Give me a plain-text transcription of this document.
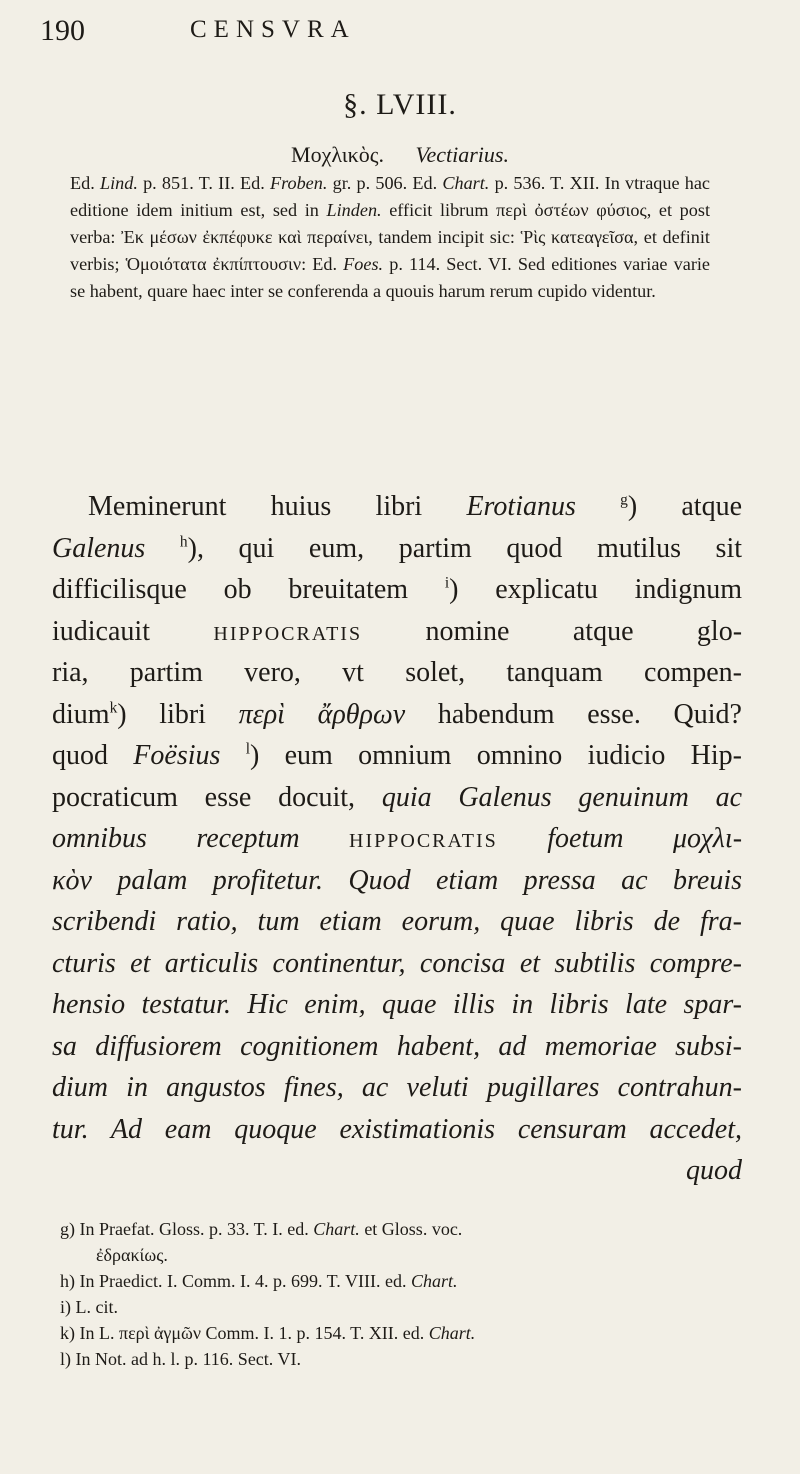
190	CENSVRA
§. LVIII.
Μοχλικὸς. Vectiarius.
Ed. Lind. p. 851. T. II. Ed. Froben. gr. p. 506. Ed. Chart. p. 536. T. XII. In vtraque hac editione idem initium est, sed in Linden. efficit librum περὶ ὀστέων φύσιος, et post verba: Ἐκ μέσων ἐκπέφυκε καὶ περαίνει, tandem incipit sic: Ῥὶς κατεαγεῖσα, et definit verbis; Ὁμοιότατα ἐκπίπτουσιν: Ed. Foes. p. 114. Sect. VI. Sed editiones variae varie se habent, quare haec inter se conferenda a quouis harum rerum cupido videntur.
Meminerunt huius libri Erotianus	$^g$) atque
Galenus $^h$), qui eum, partim quod mutilus sit
difficilisque ob breuitatem $^i$) explicatu indignum
iudicauit hippocratis nomine atque glo-
ria, partim vero, vt solet, tanquam compen-
dium$^k$) libri περὶ ἄρθρων habendum esse. Quid?
quod Foësius $^l$) eum omnium omnino iudicio Hip-
pocraticum esse docuit, quia Galenus genuinum ac
omnibus receptum hippocratis foetum μοχλι-
κὸν palam profitetur. Quod etiam pressa ac breuis
scribendi ratio, tum etiam eorum, quae libris de fra-
cturis et articulis continentur, concisa et subtilis compre-
hensio testatur. Hic enim, quae illis in libris late spar-
sa diffusiorem cognitionem habent, ad memoriae subsi-
dium in angustos fines, ac veluti pugillares contrahun-
tur. Ad eam quoque existimationis censuram accedet,
quod
g) In Praefat. Gloss. p. 33. T. I. ed. Chart. et Gloss. voc.
ἐδρακίως.
h) In Praedict. I. Comm. I. 4. p. 699. T. VIII. ed. Chart.
i) L. cit.
k) In L. περὶ ἀγμῶν Comm. I. 1. p. 154. T. XII. ed. Chart.
l) In Not. ad h. l. p. 116. Sect. VI.
